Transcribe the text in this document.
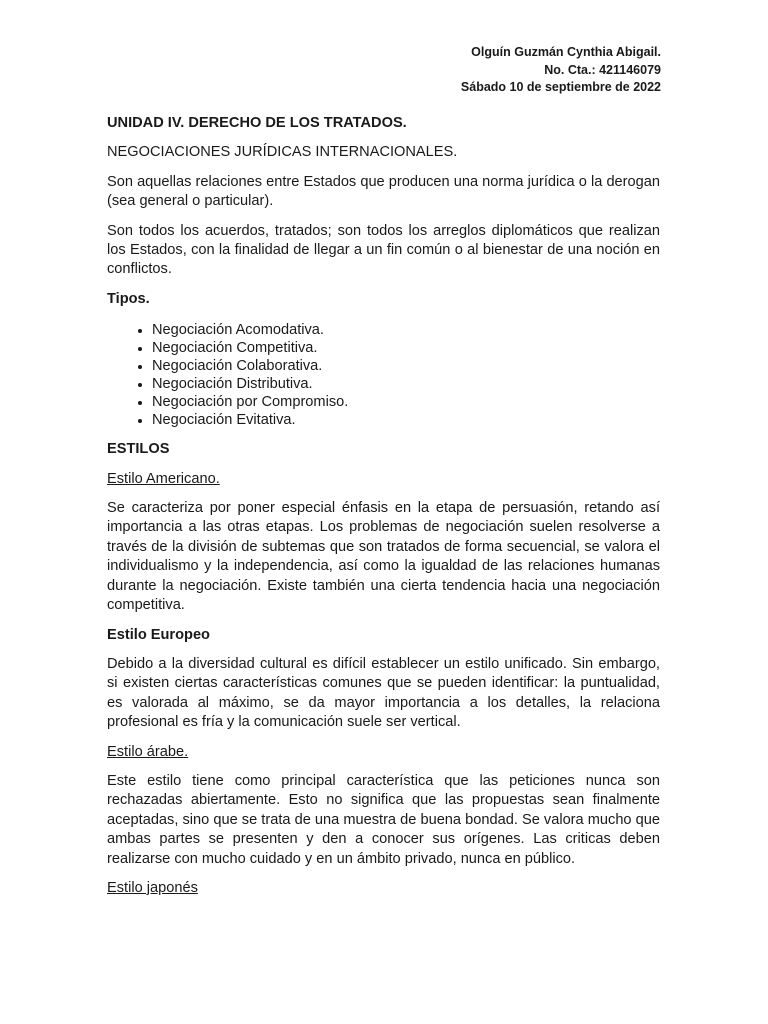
Olguín Guzmán Cynthia Abigail.
No. Cta.: 421146079
Sábado 10 de septiembre de 2022

UNIDAD IV. DERECHO DE LOS TRATADOS.

NEGOCIACIONES JURÍDICAS INTERNACIONALES.

Son aquellas relaciones entre Estados que producen una norma jurídica o la derogan (sea general o particular).

Son todos los acuerdos, tratados; son todos los arreglos diplomáticos que realizan los Estados, con la finalidad de llegar a un fin común o al bienestar de una noción en conflictos.

Tipos.

• Negociación Acomodativa.
• Negociación Competitiva.
• Negociación Colaborativa.
• Negociación Distributiva.
• Negociación por Compromiso.
• Negociación Evitativa.

ESTILOS

Estilo Americano.

Se caracteriza por poner especial énfasis en la etapa de persuasión, retando así importancia a las otras etapas. Los problemas de negociación suelen resolverse a través de la división de subtemas que son tratados de forma secuencial, se valora el individualismo y la independencia, así como la igualdad de las relaciones humanas durante la negociación. Existe también una cierta tendencia hacia una negociación competitiva.

Estilo Europeo

Debido a la diversidad cultural es difícil establecer un estilo unificado. Sin embargo, si existen ciertas características comunes que se pueden identificar: la puntualidad, es valorada al máximo, se da mayor importancia a los detalles, la relaciona profesional es fría y la comunicación suele ser vertical.

Estilo árabe.

Este estilo tiene como principal característica que las peticiones nunca son rechazadas abiertamente. Esto no significa que las propuestas sean finalmente aceptadas, sino que se trata de una muestra de buena bondad. Se valora mucho que ambas partes se presenten y den a conocer sus orígenes. Las criticas deben realizarse con mucho cuidado y en un ámbito privado, nunca en público.

Estilo japonés
